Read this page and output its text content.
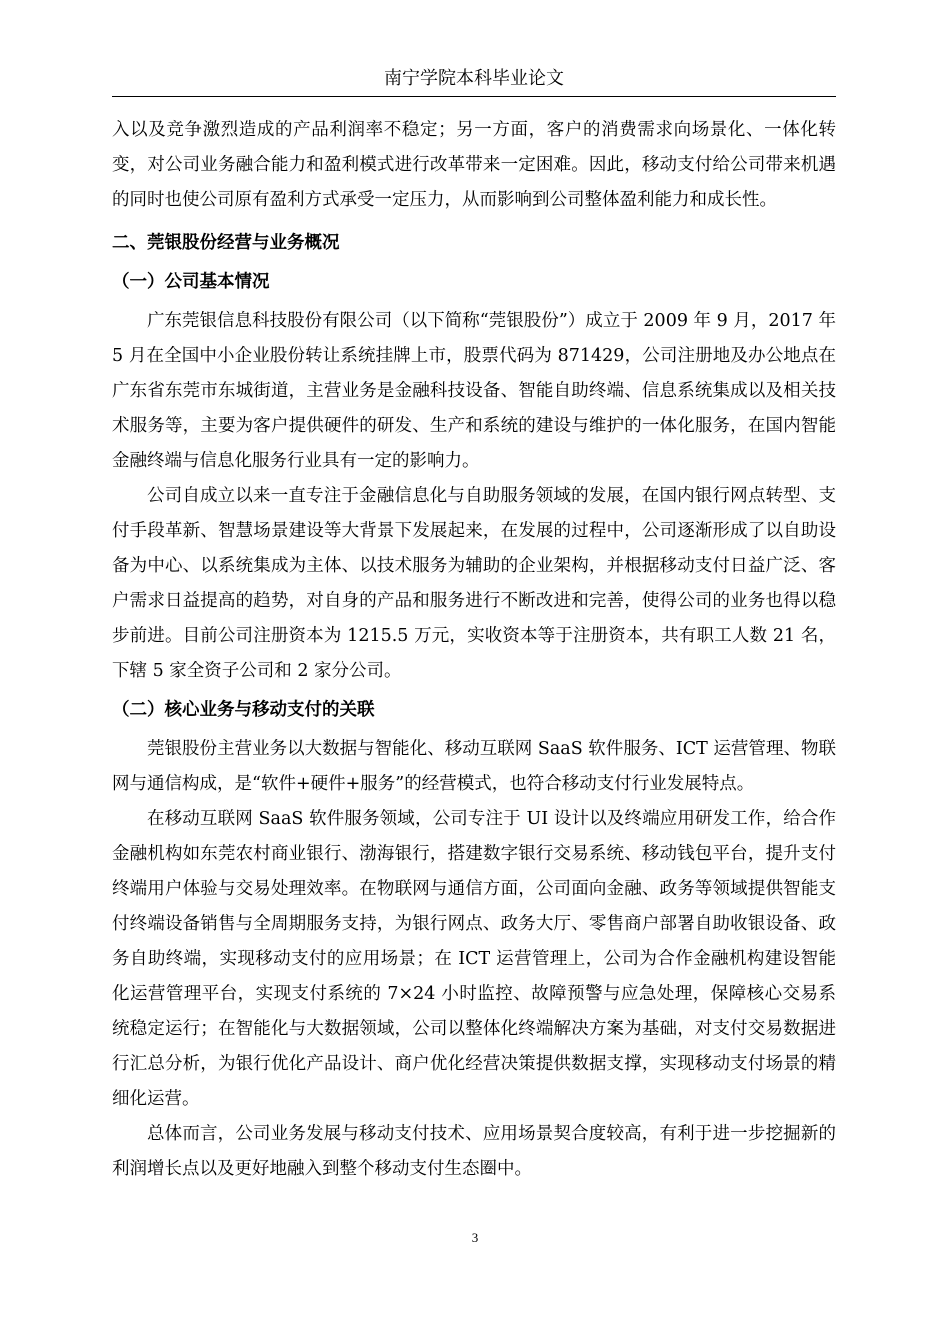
南宁学院本科毕业论文

入以及竞争激烈造成的产品利润率不稳定；另一方面，客户的消费需求向场景化、一体化转变，对公司业务融合能力和盈利模式进行改革带来一定困难。因此，移动支付给公司带来机遇的同时也使公司原有盈利方式承受一定压力，从而影响到公司整体盈利能力和成长性。

二、莞银股份经营与业务概况

（一）公司基本情况

广东莞银信息科技股份有限公司（以下简称“莞银股份”）成立于 2009 年 9 月，2017 年 5 月在全国中小企业股份转让系统挂牌上市，股票代码为 871429，公司注册地及办公地点在广东省东莞市东城街道，主营业务是金融科技设备、智能自助终端、信息系统集成以及相关技术服务等，主要为客户提供硬件的研发、生产和系统的建设与维护的一体化服务，在国内智能金融终端与信息化服务行业具有一定的影响力。

公司自成立以来一直专注于金融信息化与自助服务领域的发展，在国内银行网点转型、支付手段革新、智慧场景建设等大背景下发展起来，在发展的过程中，公司逐渐形成了以自助设备为中心、以系统集成为主体、以技术服务为辅助的企业架构，并根据移动支付日益广泛、客户需求日益提高的趋势，对自身的产品和服务进行不断改进和完善，使得公司的业务也得以稳步前进。目前公司注册资本为 1215.5 万元，实收资本等于注册资本，共有职工人数 21 名，下辖 5 家全资子公司和 2 家分公司。

（二）核心业务与移动支付的关联

莞银股份主营业务以大数据与智能化、移动互联网 SaaS 软件服务、ICT 运营管理、物联网与通信构成，是“软件+硬件+服务”的经营模式，也符合移动支付行业发展特点。

在移动互联网 SaaS 软件服务领域，公司专注于 UI 设计以及终端应用研发工作，给合作金融机构如东莞农村商业银行、渤海银行，搭建数字银行交易系统、移动钱包平台，提升支付终端用户体验与交易处理效率。在物联网与通信方面，公司面向金融、政务等领域提供智能支付终端设备销售与全周期服务支持，为银行网点、政务大厅、零售商户部署自助收银设备、政务自助终端，实现移动支付的应用场景；在 ICT 运营管理上，公司为合作金融机构建设智能化运营管理平台，实现支付系统的 7×24 小时监控、故障预警与应急处理，保障核心交易系统稳定运行；在智能化与大数据领域，公司以整体化终端解决方案为基础，对支付交易数据进行汇总分析，为银行优化产品设计、商户优化经营决策提供数据支撑，实现移动支付场景的精细化运营。

总体而言，公司业务发展与移动支付技术、应用场景契合度较高，有利于进一步挖掘新的利润增长点以及更好地融入到整个移动支付生态圈中。

3
